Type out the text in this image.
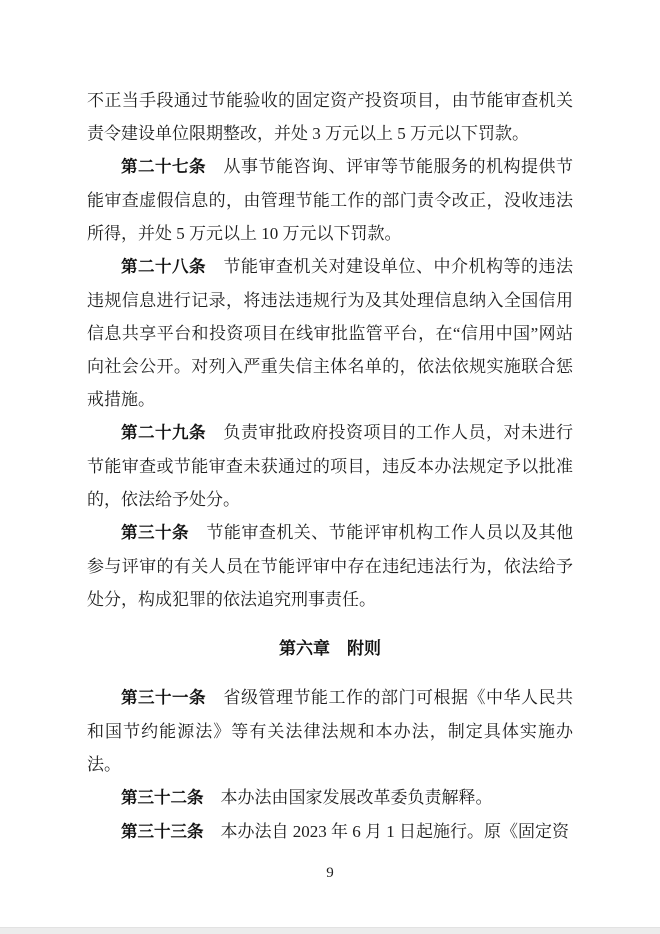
不正当手段通过节能验收的固定资产投资项目，由节能审查机关责令建设单位限期整改，并处 3 万元以上 5 万元以下罚款。

第二十七条　从事节能咨询、评审等节能服务的机构提供节能审查虚假信息的，由管理节能工作的部门责令改正，没收违法所得，并处 5 万元以上 10 万元以下罚款。

第二十八条　节能审查机关对建设单位、中介机构等的违法违规信息进行记录，将违法违规行为及其处理信息纳入全国信用信息共享平台和投资项目在线审批监管平台，在“信用中国”网站向社会公开。对列入严重失信主体名单的，依法依规实施联合惩戒措施。

第二十九条　负责审批政府投资项目的工作人员，对未进行节能审查或节能审查未获通过的项目，违反本办法规定予以批准的，依法给予处分。

第三十条　节能审查机关、节能评审机构工作人员以及其他参与评审的有关人员在节能评审中存在违纪违法行为，依法给予处分，构成犯罪的依法追究刑事责任。

第六章　附则

第三十一条　省级管理节能工作的部门可根据《中华人民共和国节约能源法》等有关法律法规和本办法，制定具体实施办法。

第三十二条　本办法由国家发展改革委负责解释。

第三十三条　本办法自 2023 年 6 月 1 日起施行。原《固定资

9
